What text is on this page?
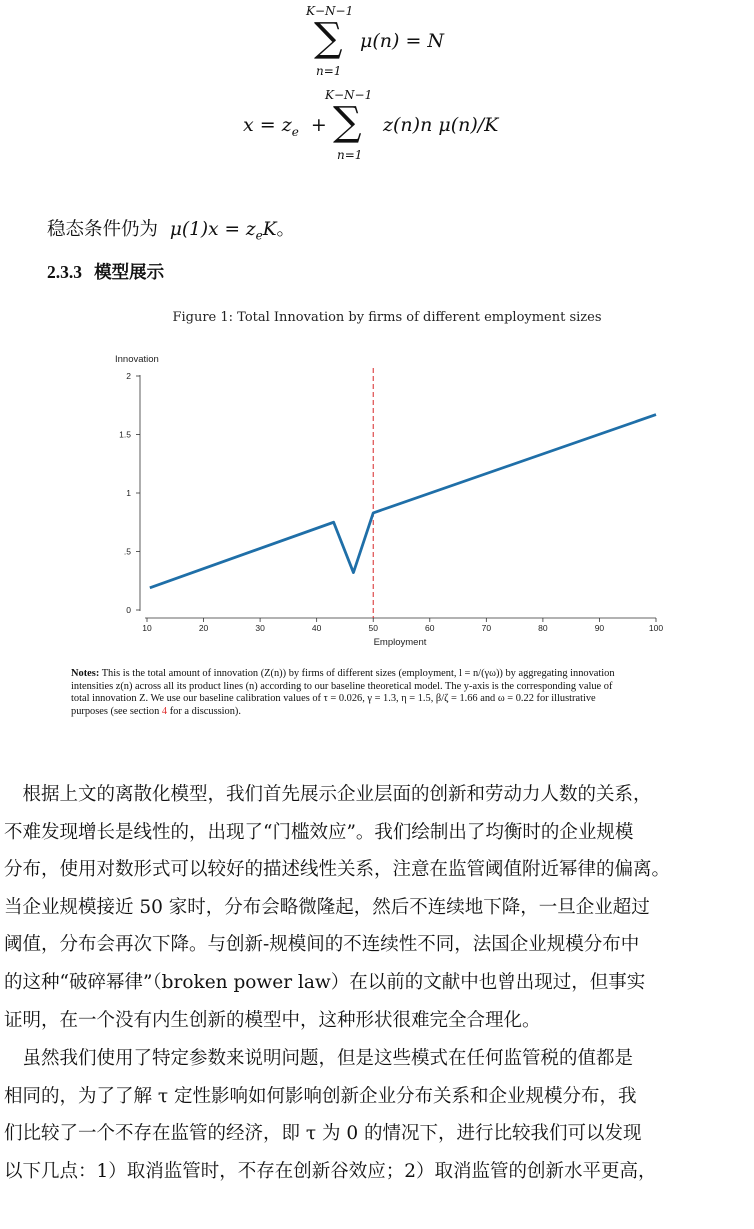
K−N−1
∑
n=1
μ(n) = N
$x = z_e$ +
K−N−1
∑
n=1
z(n)n μ(n)/K
稳态条件仍为 $\mu(1)x = z_eK$。
2.3.3 模型展示
Figure 1: Total Innovation by firms of different employment sizes
Innovation
0
.5
1
1.5
2
10	20	30	40	50	60	70	80	90	100
Employment
Notes: This is the total amount of innovation (Z(n)) by firms of different sizes (employment, l = n/(γω)) by aggregating innovation
intensities z(n) across all its product lines (n) according to our baseline theoretical model. The y-axis is the corresponding value of
total innovation Z. We use our baseline calibration values of τ = 0.026, γ = 1.3, η = 1.5, β/ζ = 1.66 and ω = 0.22 for illustrative
purposes (see section 4 for a discussion).

　根据上文的离散化模型，我们首先展示企业层面的创新和劳动力人数的关系，

不难发现增长是线性的，出现了“门槛效应”。我们绘制出了均衡时的企业规模

分布，使用对数形式可以较好的描述线性关系，注意在监管阈值附近幂律的偏离。

当企业规模接近 50 家时，分布会略微隆起，然后不连续地下降，一旦企业超过

阈值，分布会再次下降。与创新-规模间的不连续性不同，法国企业规模分布中

的这种“破碎幂律”（broken power law）在以前的文献中也曾出现过，但事实

证明，在一个没有内生创新的模型中，这种形状很难完全合理化。

　虽然我们使用了特定参数来说明问题，但是这些模式在任何监管税的值都是

相同的，为了了解 τ 定性影响如何影响创新企业分布关系和企业规模分布，我

们比较了一个不存在监管的经济，即 τ 为 0 的情况下，进行比较我们可以发现

以下几点：1）取消监管时，不存在创新谷效应；2）取消监管的创新水平更高，
